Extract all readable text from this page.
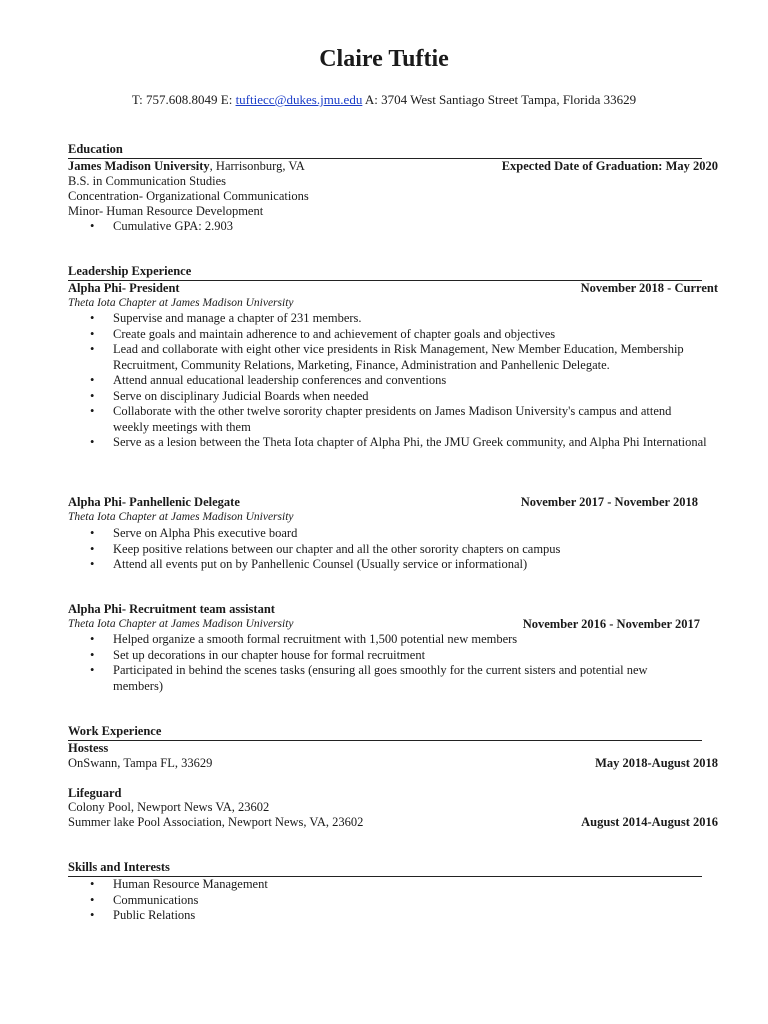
Claire Tuftie
T: 757.608.8049 E: tuftiecc@dukes.jmu.edu A: 3704 West Santiago Street Tampa, Florida 33629
Education
James Madison University, Harrisonburg, VA	Expected Date of Graduation: May 2020
B.S. in Communication Studies
Concentration- Organizational Communications
Minor- Human Resource Development
• Cumulative GPA: 2.903
Leadership Experience
Alpha Phi- President	November 2018 - Current
Theta Iota Chapter at James Madison University
• Supervise and manage a chapter of 231 members.
• Create goals and maintain adherence to and achievement of chapter goals and objectives
• Lead and collaborate with eight other vice presidents in Risk Management, New Member Education, Membership Recruitment, Community Relations, Marketing, Finance, Administration and Panhellenic Delegate.
• Attend annual educational leadership conferences and conventions
• Serve on disciplinary Judicial Boards when needed
• Collaborate with the other twelve sorority chapter presidents on James Madison University's campus and attend weekly meetings with them
• Serve as a lesion between the Theta Iota chapter of Alpha Phi, the JMU Greek community, and Alpha Phi International
Alpha Phi- Panhellenic Delegate	November 2017 - November 2018
Theta Iota Chapter at James Madison University
• Serve on Alpha Phis executive board
• Keep positive relations between our chapter and all the other sorority chapters on campus
• Attend all events put on by Panhellenic Counsel (Usually service or informational)
Alpha Phi- Recruitment team assistant
November 2016 - November 2017
Theta Iota Chapter at James Madison University
• Helped organize a smooth formal recruitment with 1,500 potential new members
• Set up decorations in our chapter house for formal recruitment
• Participated in behind the scenes tasks (ensuring all goes smoothly for the current sisters and potential new members)
Work Experience
Hostess
OnSwann, Tampa FL, 33629	May 2018-August 2018
Lifeguard
Colony Pool, Newport News VA, 23602
Summer lake Pool Association, Newport News, VA, 23602	August 2014-August 2016
Skills and Interests
• Human Resource Management
• Communications
• Public Relations
